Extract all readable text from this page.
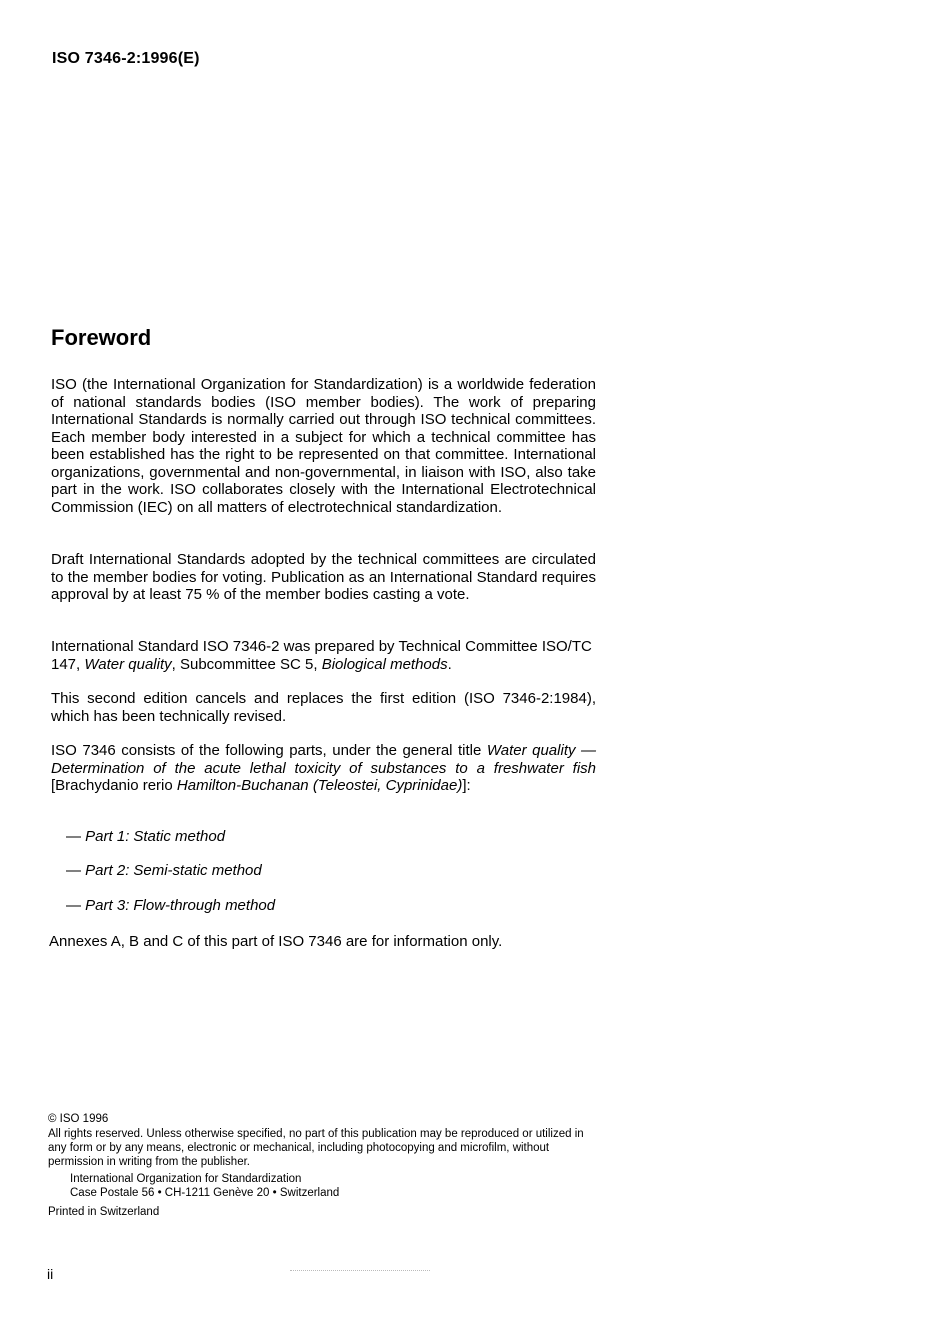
ISO 7346-2:1996(E)
Foreword
ISO (the International Organization for Standardization) is a worldwide federation of national standards bodies (ISO member bodies). The work of preparing International Standards is normally carried out through ISO technical committees. Each member body interested in a subject for which a technical committee has been established has the right to be represented on that committee. International organizations, governmental and non-governmental, in liaison with ISO, also take part in the work. ISO collaborates closely with the International Electrotechnical Commission (IEC) on all matters of electrotechnical standardization.
Draft International Standards adopted by the technical committees are circulated to the member bodies for voting. Publication as an International Standard requires approval by at least 75 % of the member bodies casting a vote.
International Standard ISO 7346-2 was prepared by Technical Committee ISO/TC 147, Water quality, Subcommittee SC 5, Biological methods.
This second edition cancels and replaces the first edition (ISO 7346-2:1984), which has been technically revised.
ISO 7346 consists of the following parts, under the general title Water quality — Determination of the acute lethal toxicity of substances to a freshwater fish [Brachydanio rerio Hamilton-Buchanan (Teleostei, Cyprinidae)]:
— Part 1: Static method
— Part 2: Semi-static method
— Part 3: Flow-through method
Annexes A, B and C of this part of ISO 7346 are for information only.
© ISO 1996
All rights reserved. Unless otherwise specified, no part of this publication may be reproduced or utilized in any form or by any means, electronic or mechanical, including photocopying and microfilm, without permission in writing from the publisher.
International Organization for Standardization
Case Postale 56 • CH-1211 Genève 20 • Switzerland
Printed in Switzerland
ii
